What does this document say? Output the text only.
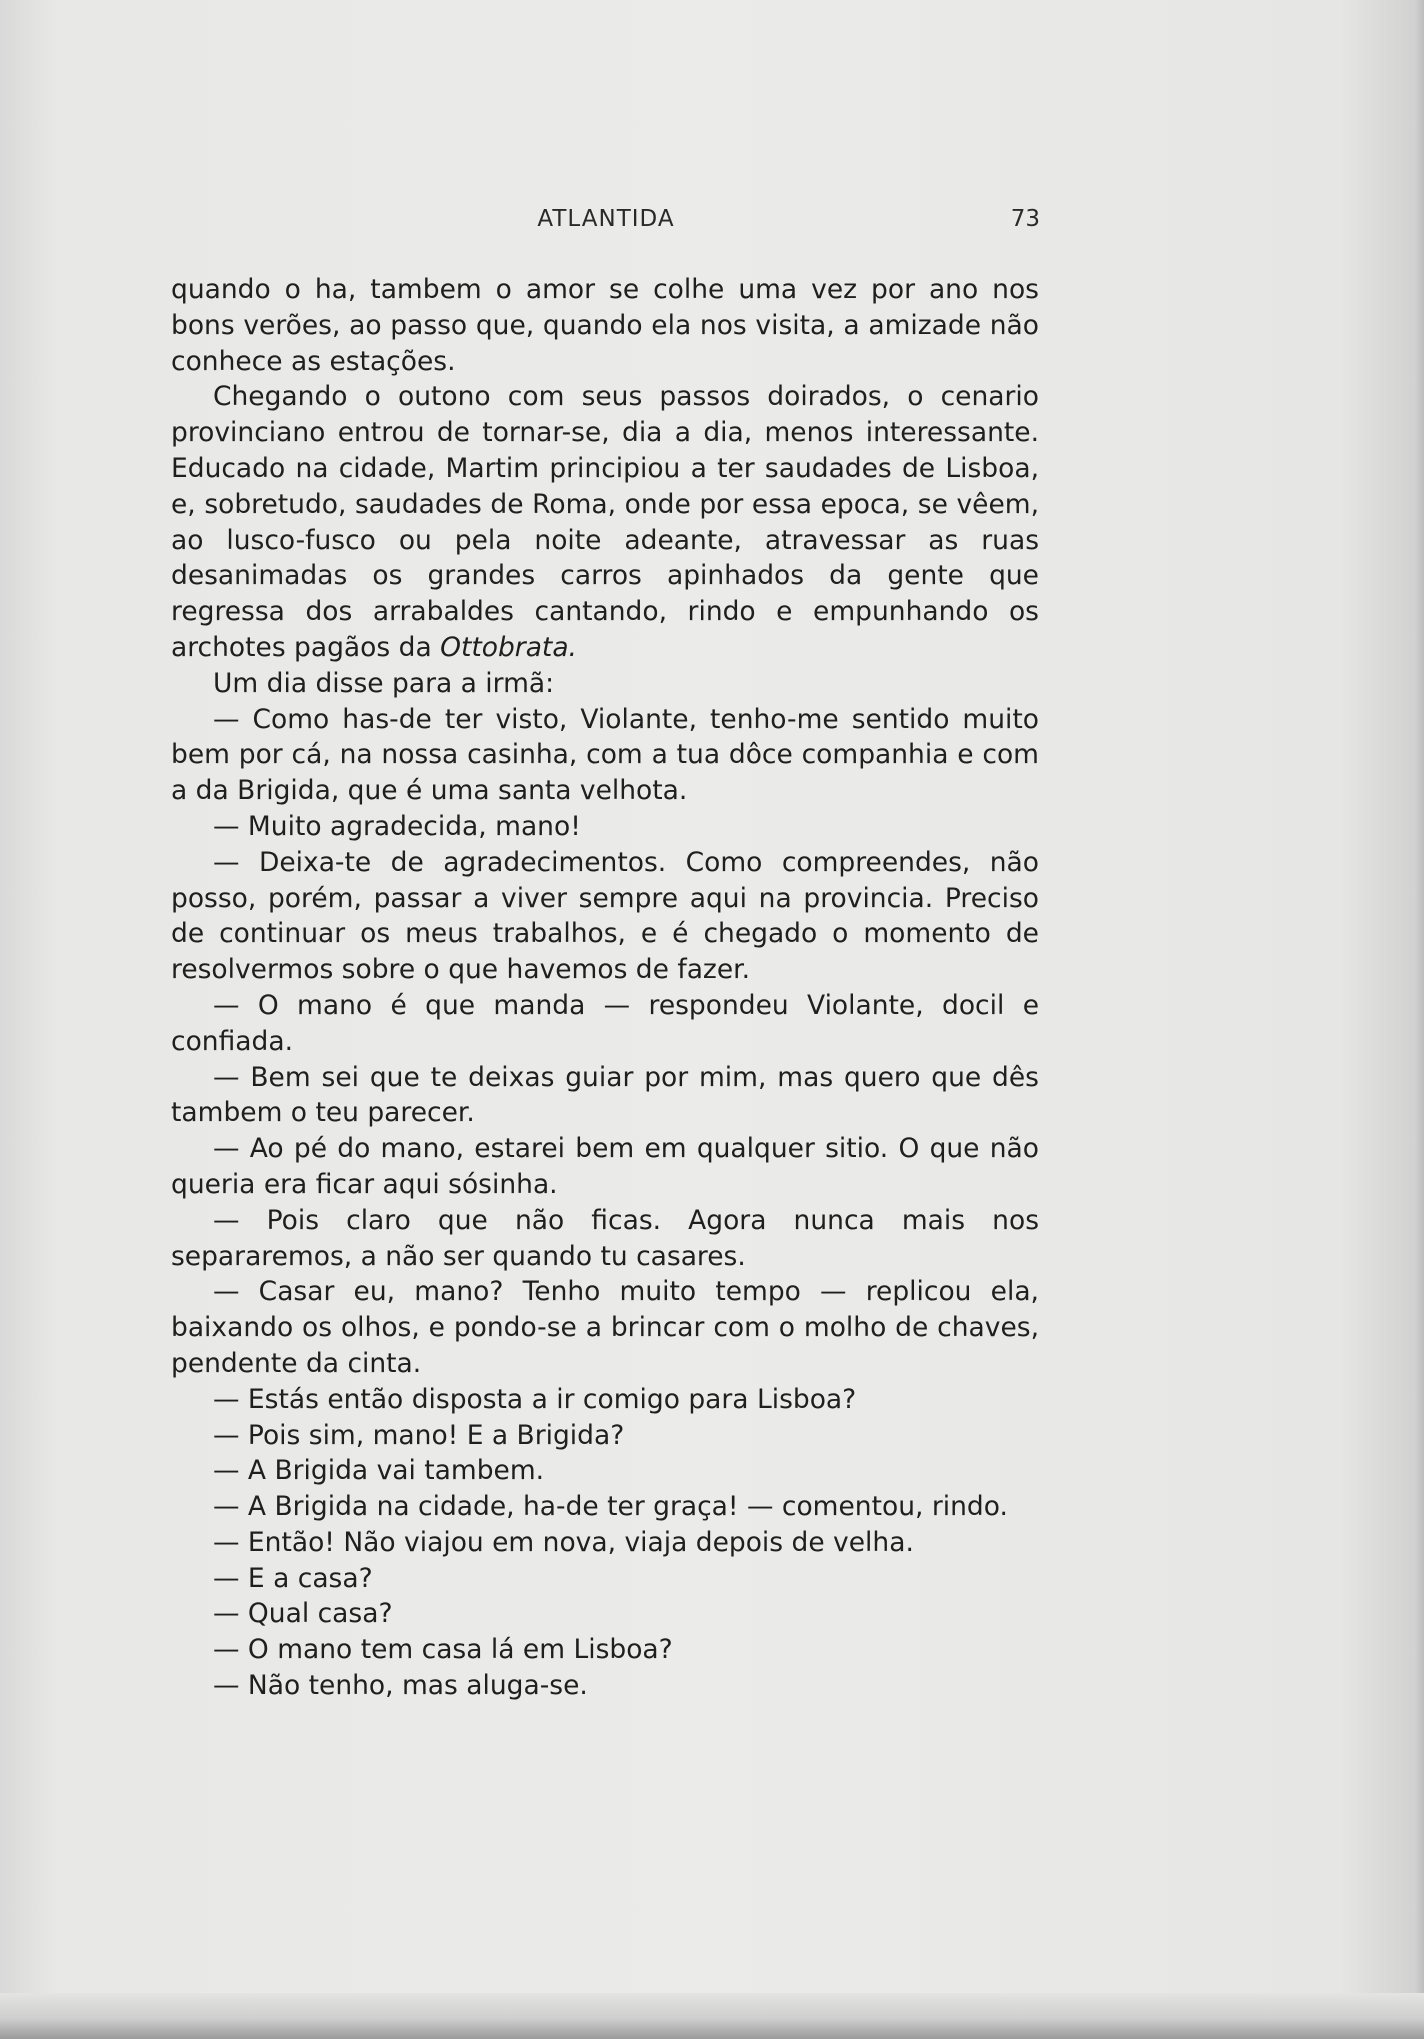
ATLANTIDA	73

quando o ha, tambem o amor se colhe uma vez por ano nos bons verões, ao passo que, quando ela nos visita, a amizade não conhece as estações.

Chegando o outono com seus passos doirados, o cenario provinciano entrou de tornar-se, dia a dia, menos interessante. Educado na cidade, Martim principiou a ter saudades de Lisboa, e, sobretudo, saudades de Roma, onde por essa epoca, se vêem, ao lusco-fusco ou pela noite adeante, atravessar as ruas desanimadas os grandes carros apinhados da gente que regressa dos arrabaldes cantando, rindo e empunhando os archotes pagãos da Ottobrata.

Um dia disse para a irmã:

— Como has-de ter visto, Violante, tenho-me sentido muito bem por cá, na nossa casinha, com a tua dôce companhia e com a da Brigida, que é uma santa velhota.

— Muito agradecida, mano!

— Deixa-te de agradecimentos. Como compreendes, não posso, porém, passar a viver sempre aqui na provincia. Preciso de continuar os meus trabalhos, e é chegado o momento de resolvermos sobre o que havemos de fazer.

— O mano é que manda — respondeu Violante, docil e confiada.

— Bem sei que te deixas guiar por mim, mas quero que dês tambem o teu parecer.

— Ao pé do mano, estarei bem em qualquer sitio. O que não queria era ficar aqui sósinha.

— Pois claro que não ficas. Agora nunca mais nos separaremos, a não ser quando tu casares.

— Casar eu, mano? Tenho muito tempo — replicou ela, baixando os olhos, e pondo-se a brincar com o molho de chaves, pendente da cinta.

— Estás então disposta a ir comigo para Lisboa?

— Pois sim, mano! E a Brigida?

— A Brigida vai tambem.

— A Brigida na cidade, ha-de ter graça! — comentou, rindo.

— Então! Não viajou em nova, viaja depois de velha.

— E a casa?

— Qual casa?

— O mano tem casa lá em Lisboa?

— Não tenho, mas aluga-se.
